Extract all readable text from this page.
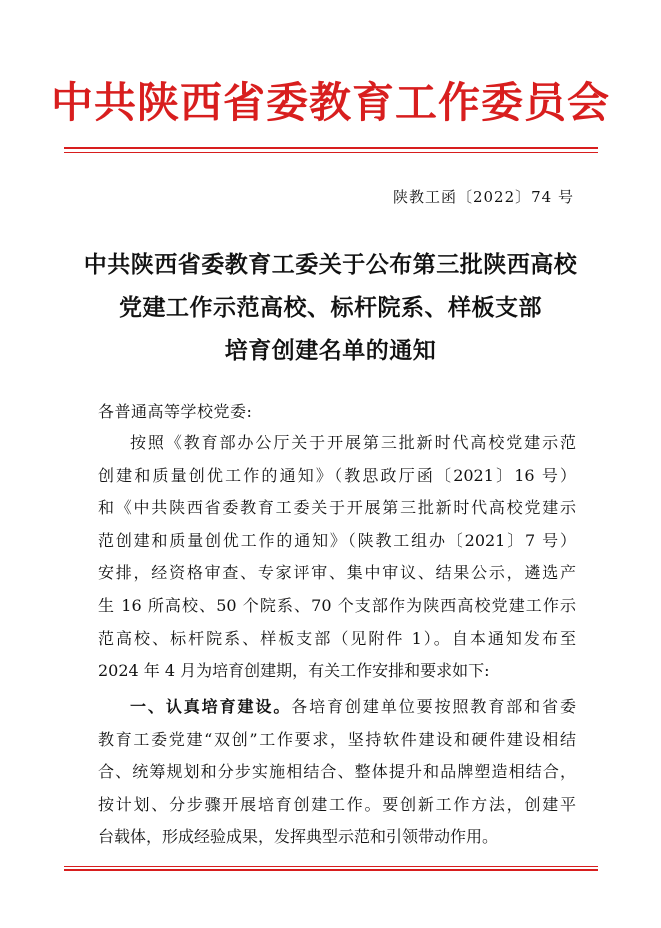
中共陕西省委教育工作委员会
陕教工函〔2022〕74 号
中共陕西省委教育工委关于公布第三批陕西高校
党建工作示范高校、标杆院系、样板支部
培育创建名单的通知
各普通高等学校党委:
按照《教育部办公厅关于开展第三批新时代高校党建示范
创建和质量创优工作的通知》（教思政厅函〔2021〕16 号）
和《中共陕西省委教育工委关于开展第三批新时代高校党建示
范创建和质量创优工作的通知》（陕教工组办〔2021〕7 号）
安排，经资格审查、专家评审、集中审议、结果公示，遴选产
生 16 所高校、50 个院系、70 个支部作为陕西高校党建工作示
范高校、标杆院系、样板支部（见附件 1）。自本通知发布至
2024 年 4 月为培育创建期，有关工作安排和要求如下:
一、认真培育建设。各培育创建单位要按照教育部和省委
教育工委党建“双创”工作要求，坚持软件建设和硬件建设相结
合、统筹规划和分步实施相结合、整体提升和品牌塑造相结合，
按计划、分步骤开展培育创建工作。要创新工作方法，创建平
台载体，形成经验成果，发挥典型示范和引领带动作用。
